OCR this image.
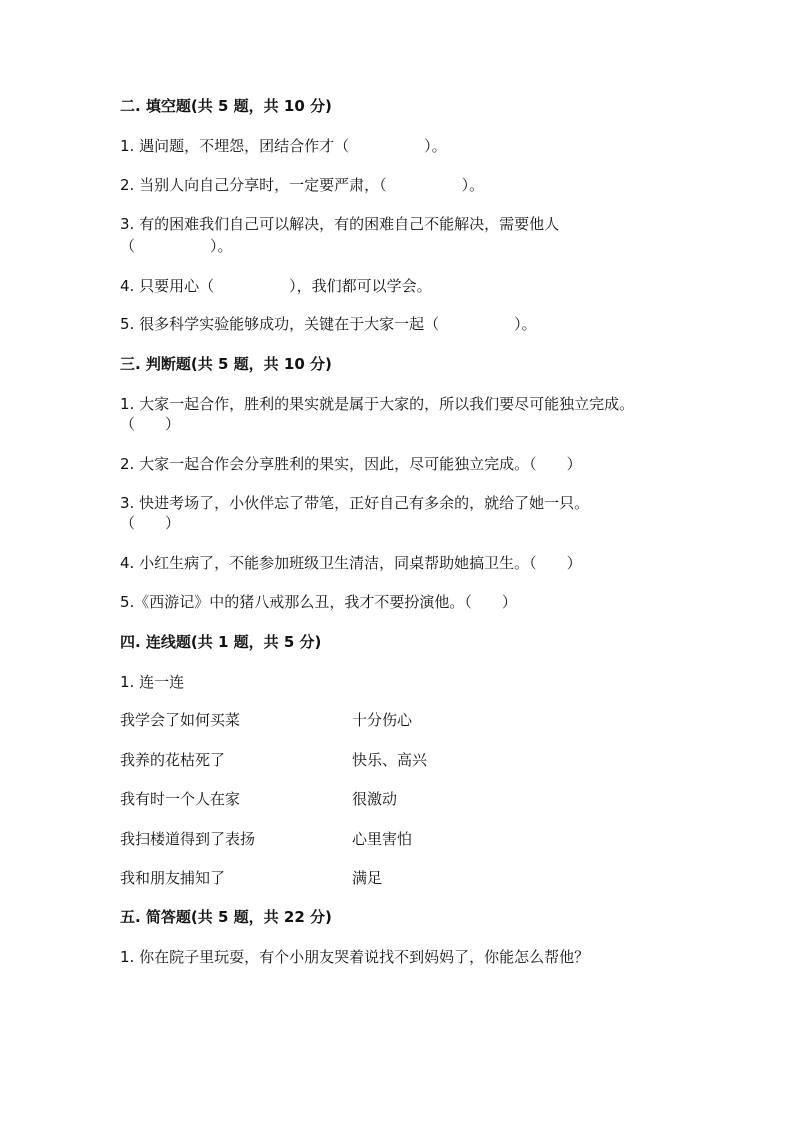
二. 填空题(共 5 题，共 10 分)
1. 遇问题，不埋怨，团结合作才（　　　　　）。
2. 当别人向自己分享时，一定要严肃，（　　　　　）。
3. 有的困难我们自己可以解决，有的困难自己不能解决，需要他人
（　　　　　）。
4. 只要用心（　　　　　），我们都可以学会。
5. 很多科学实验能够成功，关键在于大家一起（　　　　　）。
三. 判断题(共 5 题，共 10 分)
1. 大家一起合作，胜利的果实就是属于大家的，所以我们要尽可能独立完成。
（　　）
2. 大家一起合作会分享胜利的果实，因此，尽可能独立完成。（　　）
3. 快进考场了，小伙伴忘了带笔，正好自己有多余的，就给了她一只。
（　　）
4. 小红生病了，不能参加班级卫生清洁，同桌帮助她搞卫生。（　　）
5.《西游记》中的猪八戒那么丑，我才不要扮演他。（　　）
四. 连线题(共 1 题，共 5 分)
1. 连一连
我学会了如何买菜	十分伤心
我养的花枯死了	快乐、高兴
我有时一个人在家	很激动
我扫楼道得到了表扬	心里害怕
我和朋友捕知了	满足
五. 简答题(共 5 题，共 22 分)
1. 你在院子里玩耍，有个小朋友哭着说找不到妈妈了，你能怎么帮他？
